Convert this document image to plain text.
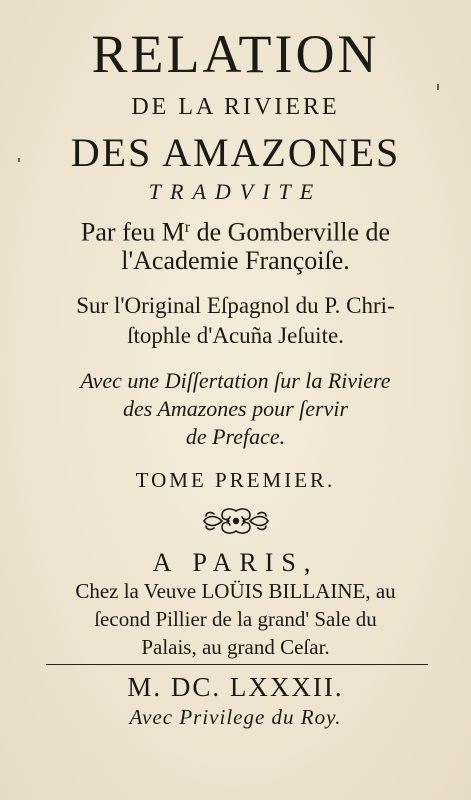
RELATION
DE LA RIVIERE
DES AMAZONES
TRADVITE
Par feu $M^r$ de Gomberville de
l'Academie Françoiſe.
Sur l'Original Eſpagnol du P. Chri-
ſtophle d'Acuña Jeſuite.
Avec une Diſſertation ſur la Riviere
des Amazones pour ſervir
de Preface.
TOME PREMIER.
A PARIS,
Chez la Veuve LOÜIS BILLAINE, au
ſecond Pillier de la grand' Sale du
Palais, au grand Ceſar.
M. DC. LXXXII.
Avec Privilege du Roy.
